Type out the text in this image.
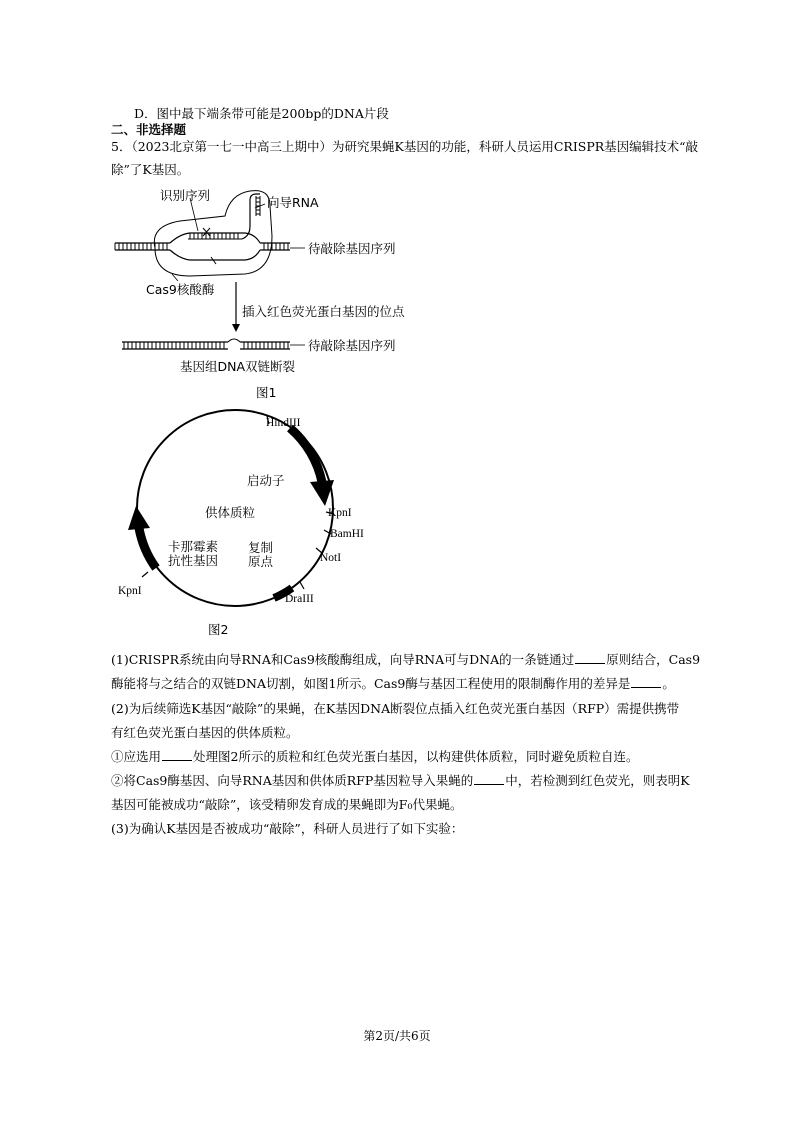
D．图中最下端条带可能是200bp的DNA片段
二、非选择题
5．（2023北京第一七一中高三上期中）为研究果蝇K基因的功能，科研人员运用CRISPR基因编辑技术“敲
除”了K基因。
识别序列	向导RNA
待敲除基因序列
Cas9核酸酶
插入红色荧光蛋白基因的位点
待敲除基因序列
基因组DNA双链断裂
图1
HindIII
启动子
KpnI
BamHI
NotI
DraIII
复制
原点
供体质粒
卡那霉素
抗性基因
KpnI
图2
(1)CRISPR系统由向导RNA和Cas9核酸酶组成，向导RNA可与DNA的一条链通过	原则结合，Cas9
酶能将与之结合的双链DNA切割，如图1所示。Cas9酶与基因工程使用的限制酶作用的差异是	。
(2)为后续筛选K基因“敲除”的果蝇，在K基因DNA断裂位点插入红色荧光蛋白基因（RFP）需提供携带
有红色荧光蛋白基因的供体质粒。
①应选用	处理图2所示的质粒和红色荧光蛋白基因，以构建供体质粒，同时避免质粒自连。
②将Cas9酶基因、向导RNA基因和供体质RFP基因粒导入果蝇的	中，若检测到红色荧光，则表明K
基因可能被成功“敲除”，该受精卵发育成的果蝇即为F₀代果蝇。
(3)为确认K基因是否被成功“敲除”，科研人员进行了如下实验：
第2页/共6页
